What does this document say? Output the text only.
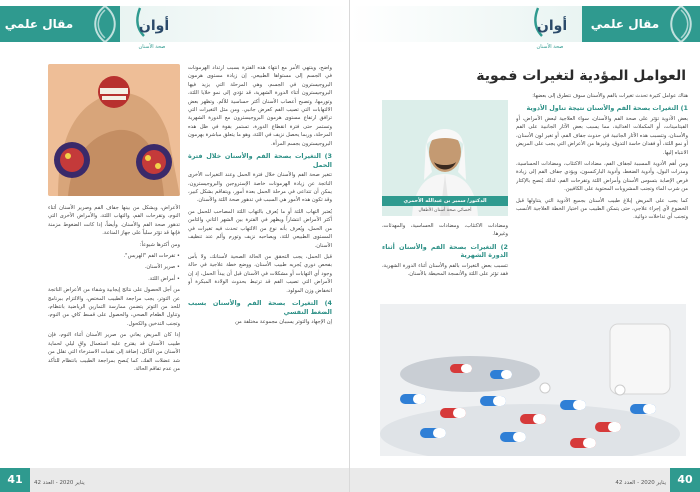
مقال علمي	أوان
صحة الأسنان

واضح، وينتهي الأمر مع انتهاء هذه الفترة بسبب ارتداد الهرمونات في الجسم إلى مستواها الطبيعي. إن زيادة مستوى هرمون البروجيسترون في الجسم، وهي المرحلة التي يزيد فيها البروجيسترون أثناء الدورة الشهرية، قد تؤدي إلى نمو خلايا اللثة، وتورمها، وتصبح أعصاب الأسنان أكثر حساسية للألم. وتظهر بعض الالتهابات التي تصيب الفم كعرض جانبي. ومن مثل التغيرات التي ترافق ارتفاع مستوى هرمون البروجيسترون مع الدورة الشهرية وتستمر حتى فترة انقطاع الدورة، تستمر بقوة في ظل هذه المرحلة، وربما يحصل نزيف في اللثة، وهو ما يتعلق مباشرة بهرمون البروجيسترون بجسم المرأة.

3) التغيرات بصحة الفم والأسنان خلال فترة الحمل

تتغير صحة الفم والأسنان خلال فترة الحمل وعند التغيرات الأخرى الناتجة عن زيادة الهرمونات خاصة الإستروجين والبروجيسترون، يمكن أن تتداعى في مرحلة الحمل بعدة أمور، ويتفاقم بشكل كبير، وقد تكون هذه الأمور هي السبب في تدهور صحة اللثة والأسنان.

يُعتبر التهاب اللثة أو ما يُعرف بالتهاب اللثة المصاحب للحمل من أكثر الأمراض انتشاراً ويظهر في الفترة بين الشهر الثاني والثامن من الحمل، ويُعرف بأنه نوع من الالتهاب تحدث فيه تغيرات في المستوى الطبيعي للثة، ويصاحبه نزيف وتورم وألم عند تنظيف الأسنان.

قبل الحمل، يجب التحقق من الحالة الصحية لأسنانك، ولا بأس بفحص دوري يُجريه طبيب الأسنان، ووضع خطة علاجية في حالة وجود أي التهابات أو مشكلات في الأسنان قبل أن يبدأ الحمل، إذ إن الأمراض التي تصيب الفم قد ترتبط بحدوث الولادة المبكرة أو انخفاض وزن المولود.

4) التغيرات بصحة الفم والأسنان بسبب الضغط النفسي

إن الإجهاد والتوتر يسببان مجموعة مختلفة من

الأعراض، ويشكل من بينها جفاف الفم وصرير الأسنان أثناء النوم، وتقرحات الفم، والتهاب اللثة، والأمراض الأخرى التي تدهور صحة الفم والأسنان. وأيضاً، إذا كانت الضغوط مزمنة فإنها قد تؤثر سلباً على جهاز المناعة.

ومن أكثرها شيوعاً:

• تقرحات الفم "الهربس".

• صرير الأسنان.

• أمراض اللثة.

من أجل الحصول على نتائج إيجابية وشفاء من الأعراض الناتجة عن التوتر، يجب مراجعة الطبيب المختص، والالتزام ببرنامج للحد من التوتر يتضمن ممارسة التمارين الرياضية بانتظام، وتناول الطعام الصحي، والحصول على قسط كافٍ من النوم، وتجنب التدخين والكحول.

إذا كان المريض يعاني من صرير الأسنان أثناء النوم، فإن طبيب الأسنان قد يقترح عليه استعمال واقٍ ليلي لحماية الأسنان من التآكل، إضافة إلى تقنيات الاسترخاء التي تقلل من شد عضلات الفك، كما يُنصح بمراجعة الطبيب بانتظام للتأكد من عدم تفاقم الحالة.

41	يناير 2020 - العدد 42
مقال علمي
أوان
صحة الأسنان
العوامل المؤدية لتغيرات فموية

هناك عوامل كثيرة تحدث تغيرات بالفم والأسنان سوف نتطرق إلى بعضها:

1) التغيرات بصحة الفم والأسنان نتيجة تناول الأدوية

بعض الأدوية تؤثر على صحة الفم والأسنان، سواء العلاجية لبعض الأمراض، أو الفيتامينات، أو المكملات الغذائية، مما يسبب بعض الآثار الجانبية على الفم والأسنان، وتتسبب هذه الآثار الجانبية في حدوث جفاف الفم، أو تغير لون الأسنان، أو نمو اللثة، أو فقدان حاسة التذوق، وغيرها من الأعراض التي يجب على المريض الانتباه إليها.

ومن أهم الأدوية المسببة لجفاف الفم، مضادات الاكتئاب، ومضادات الحساسية، ومدرات البول، وأدوية الضغط، وأدوية الباركنسون، ويؤدي جفاف الفم إلى زيادة فرص الإصابة بتسوس الأسنان وأمراض اللثة وتقرحات الفم، لذلك يُنصح بالإكثار من شرب الماء وتجنب المشروبات المحتوية على الكافيين.

كما يجب على المريض إبلاغ طبيب الأسنان بجميع الأدوية التي يتناولها قبل الخضوع لأي إجراء علاجي، حتى يتمكن الطبيب من اختيار الخطة العلاجية الأنسب وتجنب أي تداخلات دوائية.

الدكتور/ سمير بن عبدالله الأحمري
أخصائي صحة أسنان الأطفال

ومضادات الاكتئاب، ومضادات الحساسية، والمهدئات، وغيرها.

2) التغيرات بصحة الفم والأسنان أثناء الدورة الشهرية

تتسبب بعض التغيرات بالفم والأسنان أثناء الدورة الشهرية، فقد تؤثر على اللثة والأنسجة المحيطة بالأسنان.

40
يناير 2020 - العدد 42
